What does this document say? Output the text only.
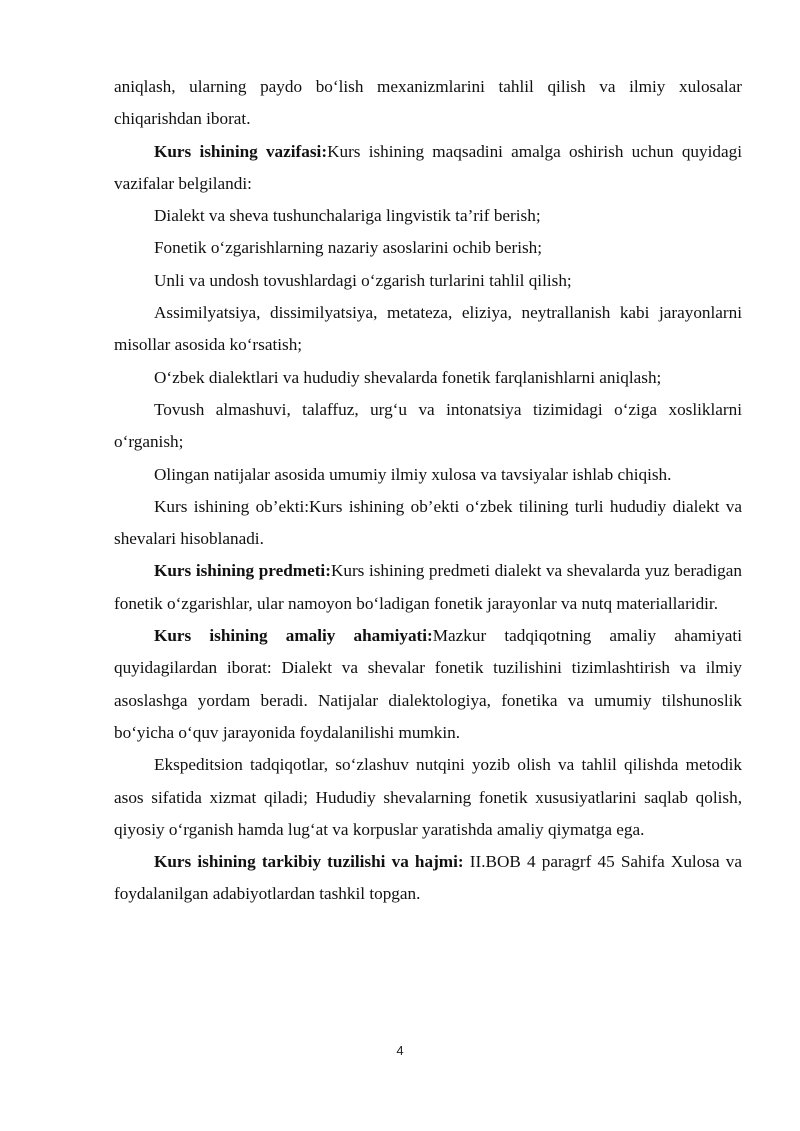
aniqlash, ularning paydo bo‘lish mexanizmlarini tahlil qilish va ilmiy xulosalar chiqarishdan iborat.

Kurs ishining vazifasi:Kurs ishining maqsadini amalga oshirish uchun quyidagi vazifalar belgilandi:

Dialekt va sheva tushunchalariga lingvistik ta’rif berish;

Fonetik o‘zgarishlarning nazariy asoslarini ochib berish;

Unli va undosh tovushlardagi o‘zgarish turlarini tahlil qilish;

Assimilyatsiya, dissimilyatsiya, metateza, eliziya, neytrallanish kabi jarayonlarni misollar asosida ko‘rsatish;

O‘zbek dialektlari va hududiy shevalarda fonetik farqlanishlarni aniqlash;

Tovush almashuvi, talaffuz, urg‘u va intonatsiya tizimidagi o‘ziga xosliklarni o‘rganish;

Olingan natijalar asosida umumiy ilmiy xulosa va tavsiyalar ishlab chiqish.

Kurs ishining ob’ekti:Kurs ishining ob’ekti o‘zbek tilining turli hududiy dialekt va shevalari hisoblanadi.

Kurs ishining predmeti:Kurs ishining predmeti dialekt va shevalarda yuz beradigan fonetik o‘zgarishlar, ular namoyon bo‘ladigan fonetik jarayonlar va nutq materiallaridir.

Kurs ishining amaliy ahamiyati:Mazkur tadqiqotning amaliy ahamiyati quyidagilardan iborat: Dialekt va shevalar fonetik tuzilishini tizimlashtirish va ilmiy asoslashga yordam beradi. Natijalar dialektologiya, fonetika va umumiy tilshunoslik bo‘yicha o‘quv jarayonida foydalanilishi mumkin.

Ekspeditsion tadqiqotlar, so‘zlashuv nutqini yozib olish va tahlil qilishda metodik asos sifatida xizmat qiladi; Hududiy shevalarning fonetik xususiyatlarini saqlab qolish, qiyosiy o‘rganish hamda lug‘at va korpuslar yaratishda amaliy qiymatga ega.

Kurs ishining tarkibiy tuzilishi va hajmi: II.BOB 4 paragrf 45 Sahifa Xulosa va foydalanilgan adabiyotlardan tashkil topgan.

4
